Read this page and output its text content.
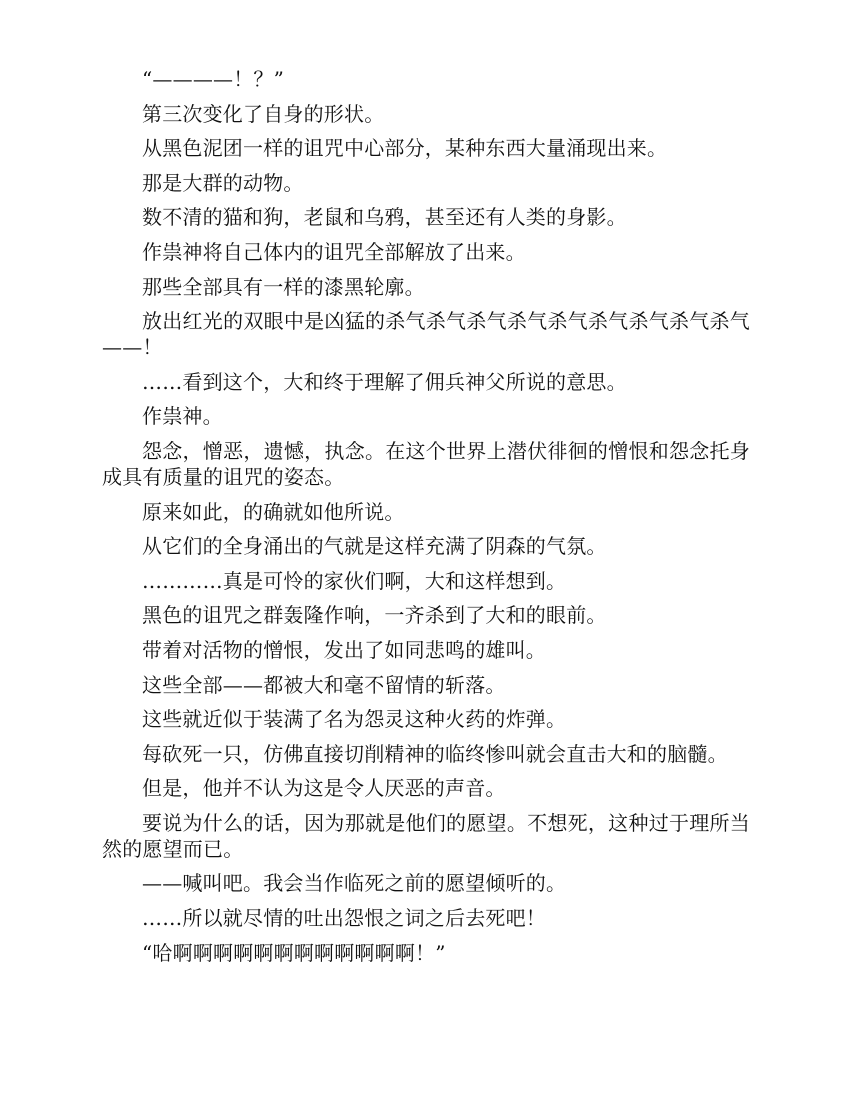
“————！？”

第三次变化了自身的形状。

从黑色泥团一样的诅咒中心部分，某种东西大量涌现出来。

那是大群的动物。

数不清的猫和狗，老鼠和乌鸦，甚至还有人类的身影。

作祟神将自己体内的诅咒全部解放了出来。

那些全部具有一样的漆黑轮廓。

放出红光的双眼中是凶猛的杀气杀气杀气杀气杀气杀气杀气杀气杀气——！

……看到这个，大和终于理解了佣兵神父所说的意思。

作祟神。

怨念，憎恶，遗憾，执念。在这个世界上潜伏徘徊的憎恨和怨念托身成具有质量的诅咒的姿态。

原来如此，的确就如他所说。

从它们的全身涌出的气就是这样充满了阴森的气氛。

…………真是可怜的家伙们啊，大和这样想到。

黑色的诅咒之群轰隆作响，一齐杀到了大和的眼前。

带着对活物的憎恨，发出了如同悲鸣的雄叫。

这些全部——都被大和毫不留情的斩落。

这些就近似于装满了名为怨灵这种火药的炸弹。

每砍死一只，仿佛直接切削精神的临终惨叫就会直击大和的脑髓。

但是，他并不认为这是令人厌恶的声音。

要说为什么的话，因为那就是他们的愿望。不想死，这种过于理所当然的愿望而已。

——喊叫吧。我会当作临死之前的愿望倾听的。

……所以就尽情的吐出怨恨之词之后去死吧！

“哈啊啊啊啊啊啊啊啊啊啊啊啊！”
